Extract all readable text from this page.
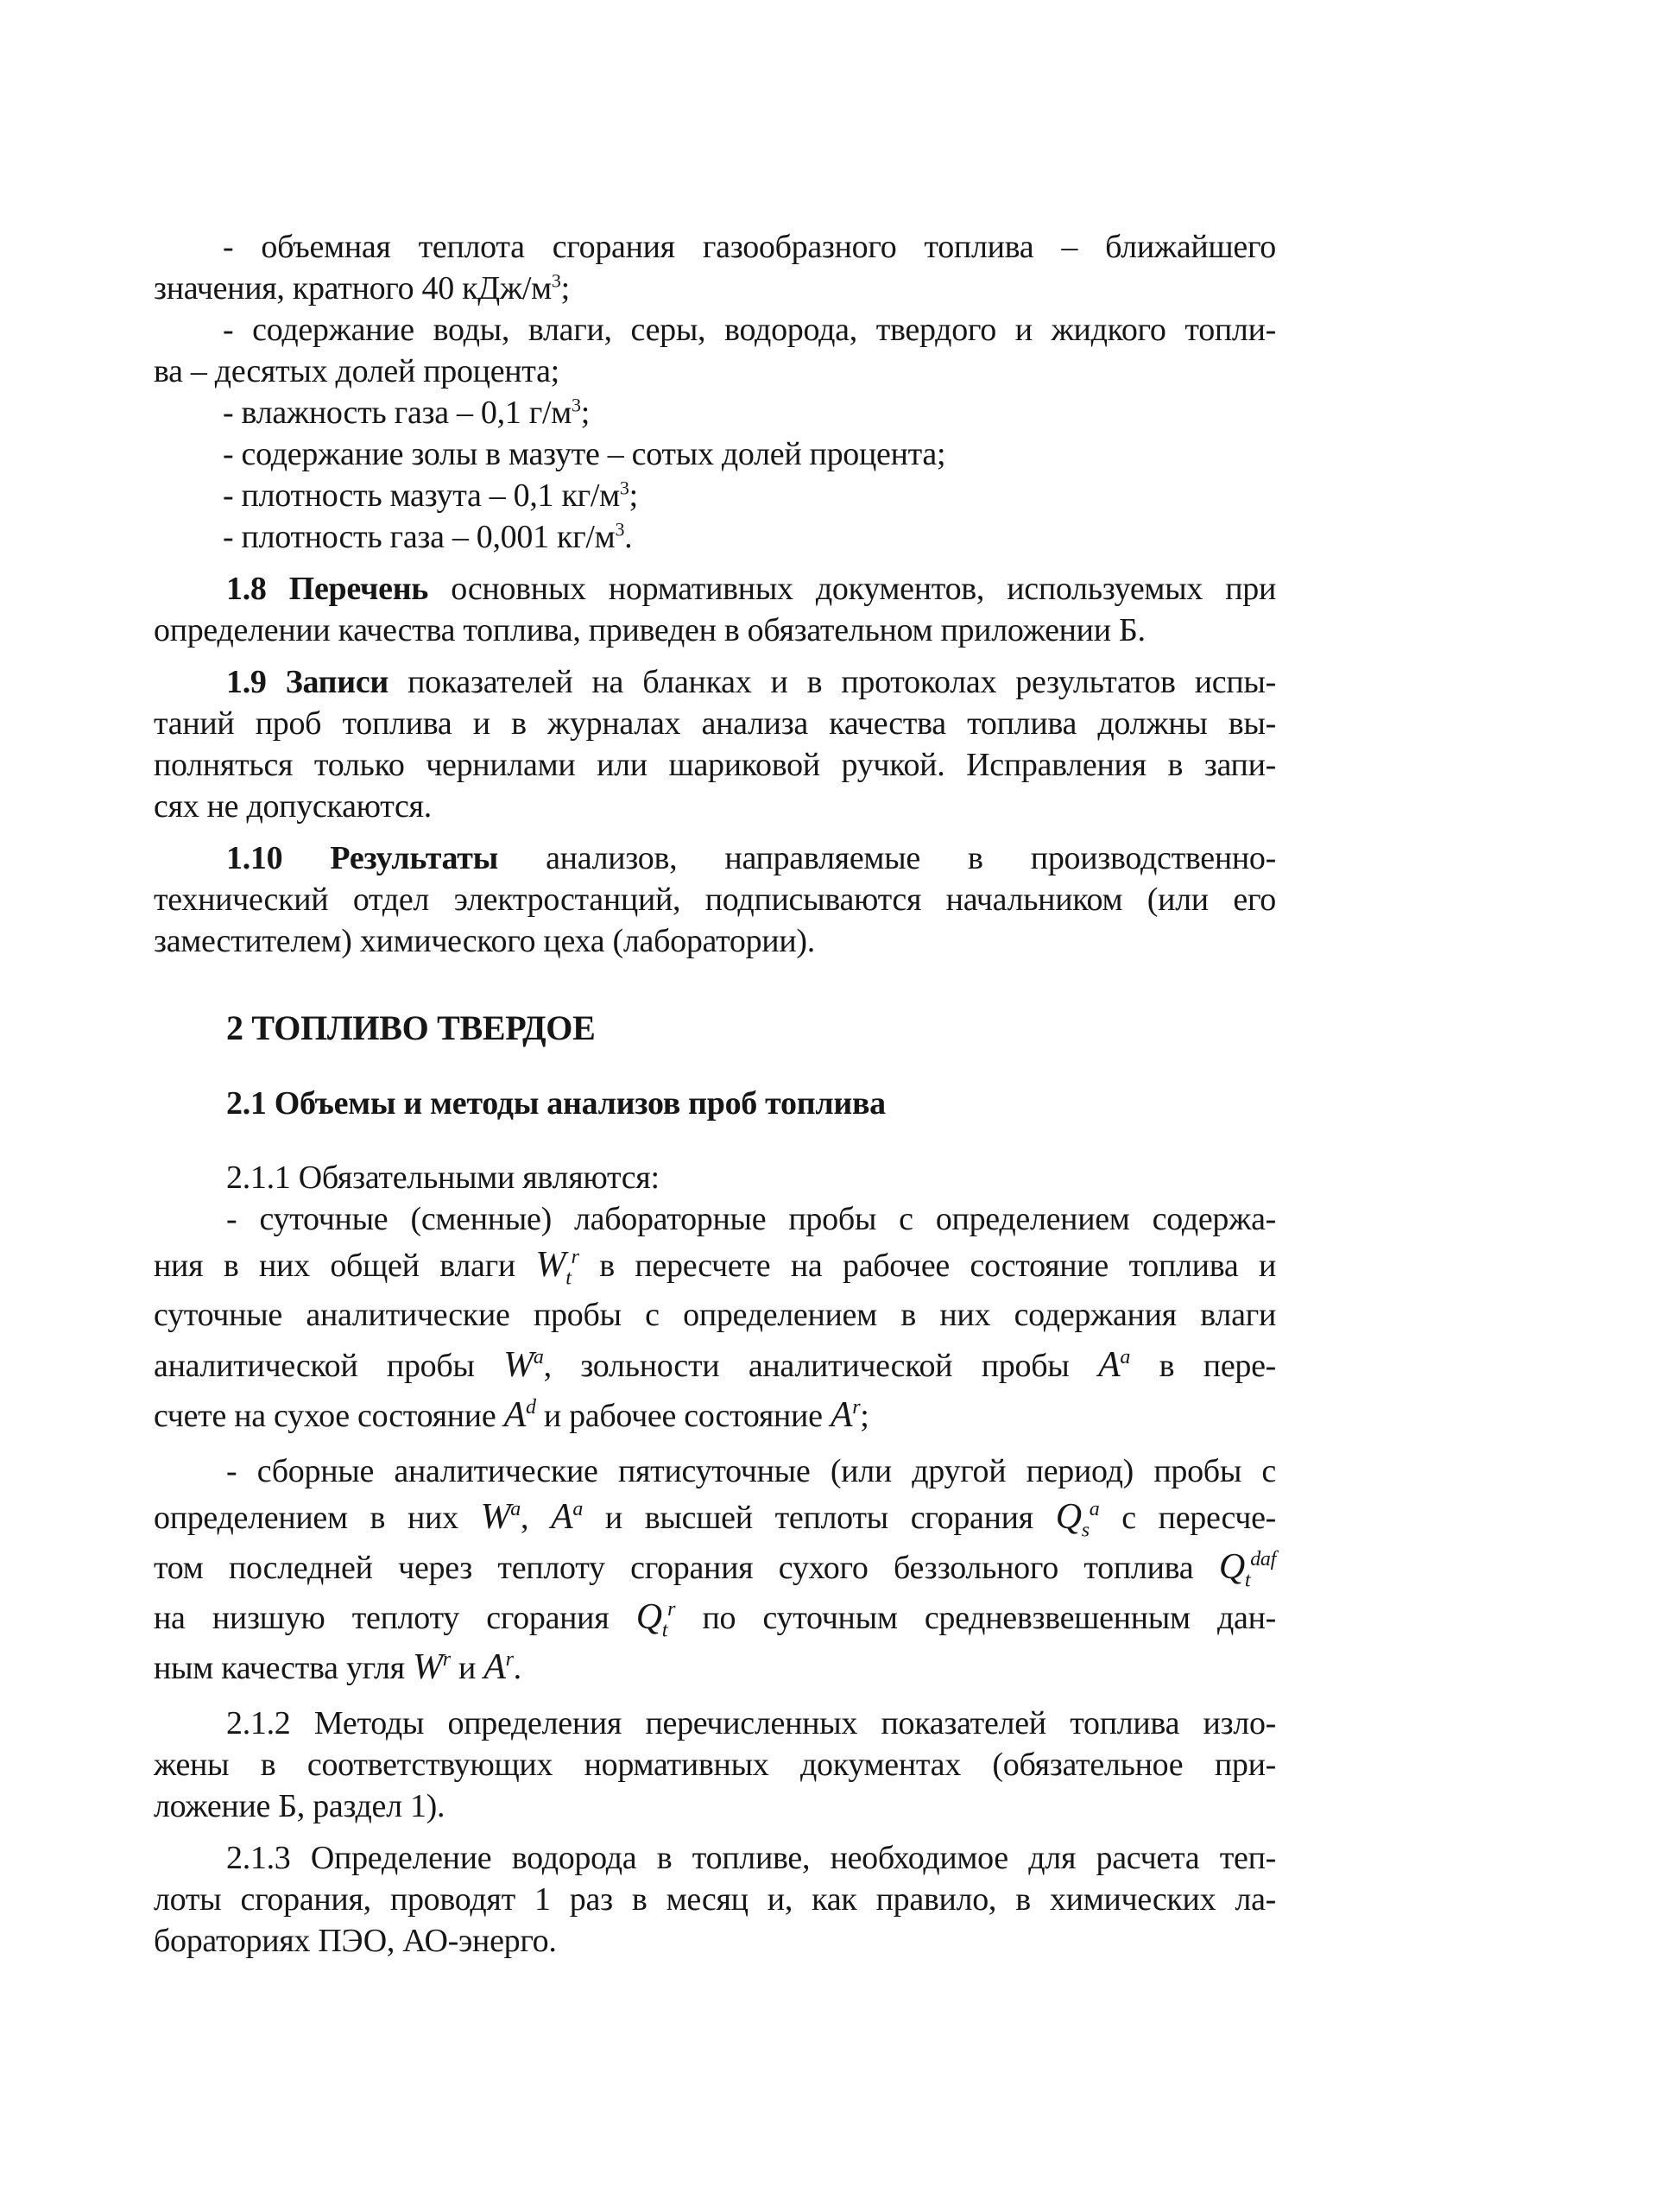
- объемная теплота сгорания газообразного топлива – ближайшего
значения, кратного 40 кДж/$м^3$;
- содержание воды, влаги, серы, водорода, твердого и жидкого топли-
ва – десятых долей процента;
- влажность газа – 0,1 $г/м^3$;
- содержание золы в мазуте – сотых долей процента;
- плотность мазута – 0,1 $кг/м^3$;
- плотность газа – 0,001 $кг/м^3$.
1.8 Перечень основных нормативных документов, используемых при
определении качества топлива, приведен в обязательном приложении Б.
1.9 Записи показателей на бланках и в протоколах результатов испы-
таний проб топлива и в журналах анализа качества топлива должны вы-
полняться только чернилами или шариковой ручкой. Исправления в запи-
сях не допускаются.
1.10 Результаты анализов, направляемые в производственно-
технический отдел электростанций, подписываются начальником (или его
заместителем) химического цеха (лаборатории).
2 ТОПЛИВО ТВЕРДОЕ
2.1 Объемы и методы анализов проб топлива
2.1.1 Обязательными являются:
- суточные (сменные) лабораторные пробы с определением содержа-
ния в них общей влаги $W_t^r$ в пересчете на рабочее состояние топлива и
суточные аналитические пробы с определением в них содержания влаги
аналитической пробы $W^a$, зольности аналитической пробы $A^a$ в пере-
счете на сухое состояние $A^d$ и рабочее состояние $A^r$;
- сборные аналитические пятисуточные (или другой период) пробы с
определением в них $W^a$, $A^a$ и высшей теплоты сгорания $Q_s^a$ с пересче-
том последней через теплоту сгорания сухого беззольного топлива $Q_t^{daf}$
на низшую теплоту сгорания $Q_t^r$ по суточным средневзвешенным дан-
ным качества угля $W^r$ и $A^r$.
2.1.2 Методы определения перечисленных показателей топлива изло-
жены в соответствующих нормативных документах (обязательное при-
ложение Б, раздел 1).
2.1.3 Определение водорода в топливе, необходимое для расчета теп-
лоты сгорания, проводят 1 раз в месяц и, как правило, в химических ла-
бораториях ПЭО, АО-энерго.
